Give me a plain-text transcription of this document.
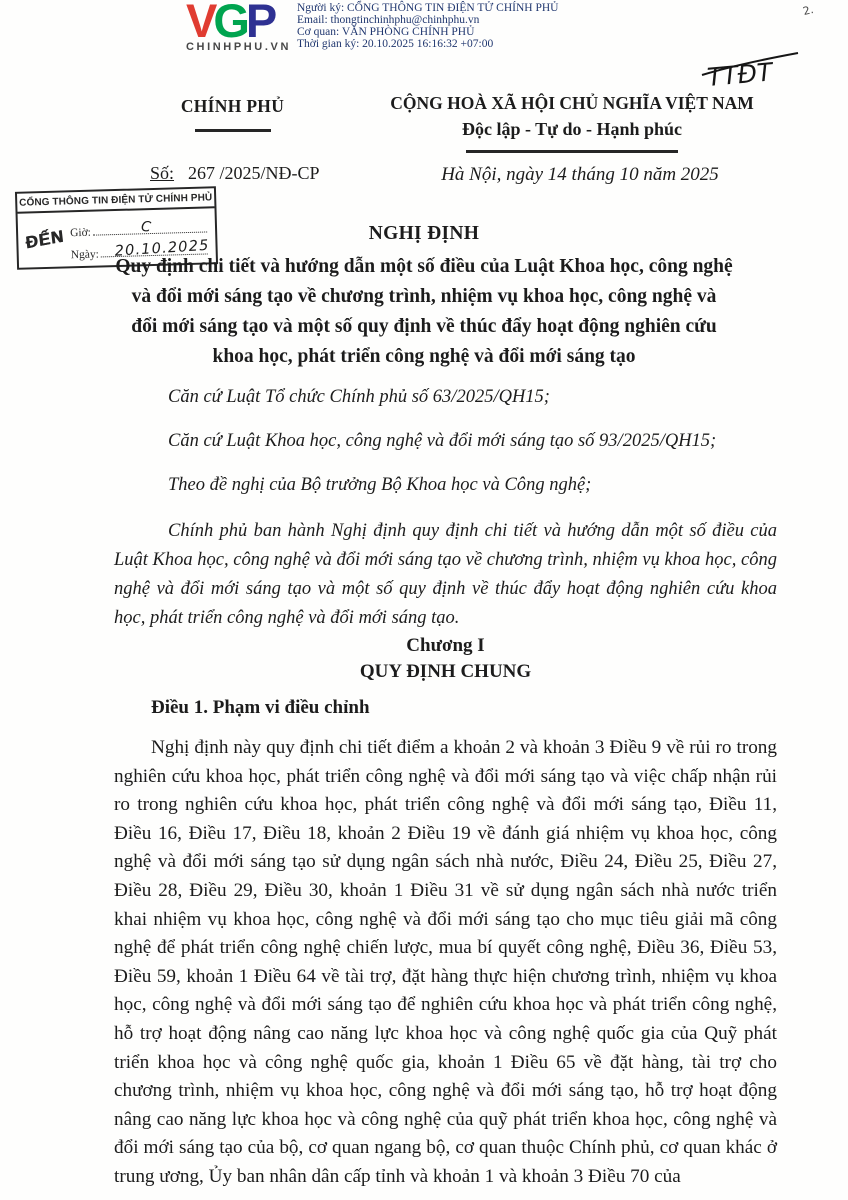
VGP
CHINHPHU.VN
Người ký: CỔNG THÔNG TIN ĐIỆN TỬ CHÍNH PHỦ
Email: thongtinchinhphu@chinhphu.vn
Cơ quan: VĂN PHÒNG CHÍNH PHỦ
Thời gian ký: 20.10.2025 16:16:32 +07:00
2.
TTĐT
CHÍNH PHỦ	CỘNG HOÀ XÃ HỘI CHỦ NGHĨA VIỆT NAM
Độc lập - Tự do - Hạnh phúc
Số: 267 /2025/NĐ-CP	Hà Nội, ngày 14 tháng 10 năm 2025
CỔNG THÔNG TIN ĐIỆN TỬ CHÍNH PHỦ
ĐẾN Giờ:	C
Ngày: 20.10.2025
NGHỊ ĐỊNH
Quy định chi tiết và hướng dẫn một số điều của Luật Khoa học, công nghệ
và đổi mới sáng tạo về chương trình, nhiệm vụ khoa học, công nghệ và
đổi mới sáng tạo và một số quy định về thúc đẩy hoạt động nghiên cứu
khoa học, phát triển công nghệ và đổi mới sáng tạo

Căn cứ Luật Tổ chức Chính phủ số 63/2025/QH15;

Căn cứ Luật Khoa học, công nghệ và đổi mới sáng tạo số 93/2025/QH15;

Theo đề nghị của Bộ trưởng Bộ Khoa học và Công nghệ;

Chính phủ ban hành Nghị định quy định chi tiết và hướng dẫn một số điều của Luật Khoa học, công nghệ và đổi mới sáng tạo về chương trình, nhiệm vụ khoa học, công nghệ và đổi mới sáng tạo và một số quy định về thúc đẩy hoạt động nghiên cứu khoa học, phát triển công nghệ và đổi mới sáng tạo.

Chương I
QUY ĐỊNH CHUNG

Điều 1. Phạm vi điều chỉnh

Nghị định này quy định chi tiết điểm a khoản 2 và khoản 3 Điều 9 về rủi ro trong nghiên cứu khoa học, phát triển công nghệ và đổi mới sáng tạo và việc chấp nhận rủi ro trong nghiên cứu khoa học, phát triển công nghệ và đổi mới sáng tạo, Điều 11, Điều 16, Điều 17, Điều 18, khoản 2 Điều 19 về đánh giá nhiệm vụ khoa học, công nghệ và đổi mới sáng tạo sử dụng ngân sách nhà nước, Điều 24, Điều 25, Điều 27, Điều 28, Điều 29, Điều 30, khoản 1 Điều 31 về sử dụng ngân sách nhà nước triển khai nhiệm vụ khoa học, công nghệ và đổi mới sáng tạo cho mục tiêu giải mã công nghệ để phát triển công nghệ chiến lược, mua bí quyết công nghệ, Điều 36, Điều 53, Điều 59, khoản 1 Điều 64 về tài trợ, đặt hàng thực hiện chương trình, nhiệm vụ khoa học, công nghệ và đổi mới sáng tạo để nghiên cứu khoa học và phát triển công nghệ, hỗ trợ hoạt động nâng cao năng lực khoa học và công nghệ quốc gia của Quỹ phát triển khoa học và công nghệ quốc gia, khoản 1 Điều 65 về đặt hàng, tài trợ cho chương trình, nhiệm vụ khoa học, công nghệ và đổi mới sáng tạo, hỗ trợ hoạt động nâng cao năng lực khoa học và công nghệ của quỹ phát triển khoa học, công nghệ và đổi mới sáng tạo của bộ, cơ quan ngang bộ, cơ quan thuộc Chính phủ, cơ quan khác ở trung ương, Ủy ban nhân dân cấp tỉnh và khoản 1 và khoản 3 Điều 70 của
